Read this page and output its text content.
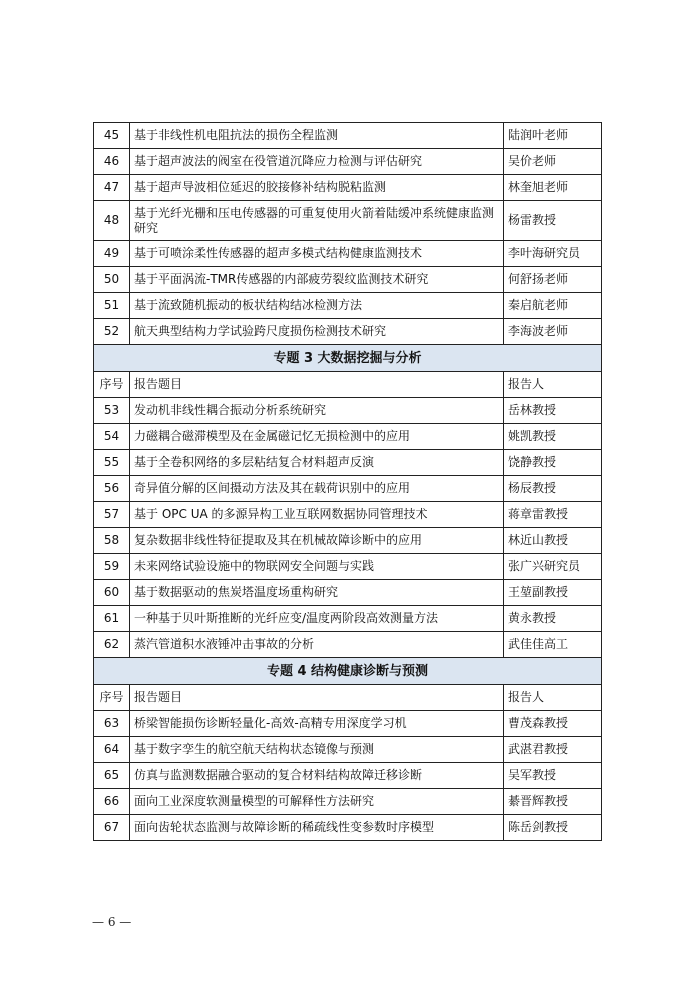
45	基于非线性机电阻抗法的损伤全程监测	陆润叶老师
46	基于超声波法的阀室在役管道沉降应力检测与评估研究	吴价老师
47	基于超声导波相位延迟的胶接修补结构脱粘监测	林奎旭老师
48	基于光纤光栅和压电传感器的可重复使用火箭着陆缓冲系统健康监测研究	杨雷教授
49	基于可喷涂柔性传感器的超声多模式结构健康监测技术	李叶海研究员
50	基于平面涡流-TMR传感器的内部疲劳裂纹监测技术研究	何舒扬老师
51	基于流致随机振动的板状结构结冰检测方法	秦启航老师
52	航天典型结构力学试验跨尺度损伤检测技术研究	李海波老师
专题 3 大数据挖掘与分析		
序号	报告题目	报告人
53	发动机非线性耦合振动分析系统研究	岳林教授
54	力磁耦合磁滞模型及在金属磁记忆无损检测中的应用	姚凯教授
55	基于全卷积网络的多层粘结复合材料超声反演	饶静教授
56	奇异值分解的区间摄动方法及其在载荷识别中的应用	杨辰教授
57	基于 OPC UA 的多源异构工业互联网数据协同管理技术	蒋章雷教授
58	复杂数据非线性特征提取及其在机械故障诊断中的应用	林近山教授
59	未来网络试验设施中的物联网安全问题与实践	张广兴研究员
60	基于数据驱动的焦炭塔温度场重构研究	王堃副教授
61	一种基于贝叶斯推断的光纤应变/温度两阶段高效测量方法	黄永教授
62	蒸汽管道积水液锤冲击事故的分析	武佳佳高工
专题 4 结构健康诊断与预测		
序号	报告题目	报告人
63	桥梁智能损伤诊断轻量化-高效-高精专用深度学习机	曹茂森教授
64	基于数字孪生的航空航天结构状态镜像与预测	武湛君教授
65	仿真与监测数据融合驱动的复合材料结构故障迁移诊断	吴军教授
66	面向工业深度软测量模型的可解释性方法研究	綦晋辉教授
67	面向齿轮状态监测与故障诊断的稀疏线性变参数时序模型	陈岳剑教授
— 6 —
